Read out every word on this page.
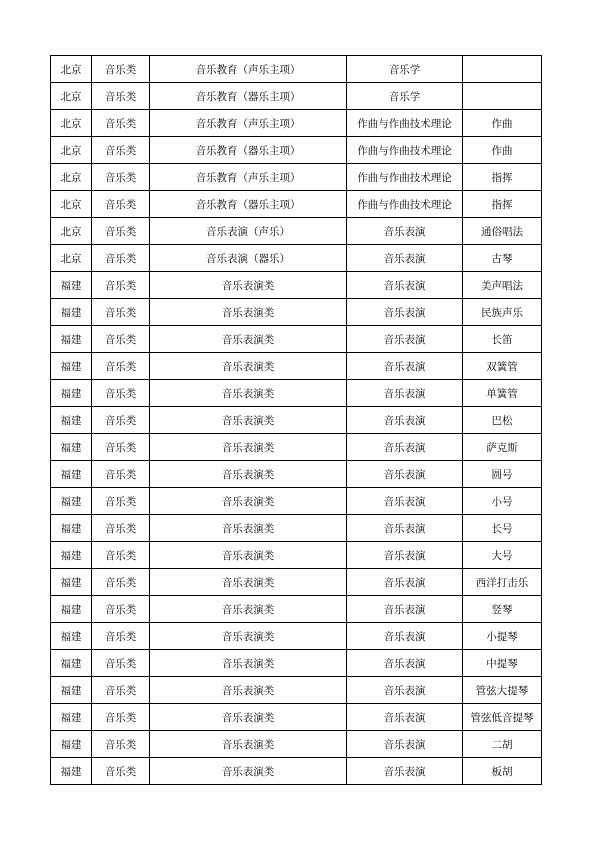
北京	音乐类	音乐教育（声乐主项）	音乐学	
北京	音乐类	音乐教育（器乐主项）	音乐学	
北京	音乐类	音乐教育（声乐主项）	作曲与作曲技术理论	作曲
北京	音乐类	音乐教育（器乐主项）	作曲与作曲技术理论	作曲
北京	音乐类	音乐教育（声乐主项）	作曲与作曲技术理论	指挥
北京	音乐类	音乐教育（器乐主项）	作曲与作曲技术理论	指挥
北京	音乐类	音乐表演（声乐）	音乐表演	通俗唱法
北京	音乐类	音乐表演（器乐）	音乐表演	古琴
福建	音乐类	音乐表演类	音乐表演	美声唱法
福建	音乐类	音乐表演类	音乐表演	民族声乐
福建	音乐类	音乐表演类	音乐表演	长笛
福建	音乐类	音乐表演类	音乐表演	双簧管
福建	音乐类	音乐表演类	音乐表演	单簧管
福建	音乐类	音乐表演类	音乐表演	巴松
福建	音乐类	音乐表演类	音乐表演	萨克斯
福建	音乐类	音乐表演类	音乐表演	圆号
福建	音乐类	音乐表演类	音乐表演	小号
福建	音乐类	音乐表演类	音乐表演	长号
福建	音乐类	音乐表演类	音乐表演	大号
福建	音乐类	音乐表演类	音乐表演	西洋打击乐
福建	音乐类	音乐表演类	音乐表演	竖琴
福建	音乐类	音乐表演类	音乐表演	小提琴
福建	音乐类	音乐表演类	音乐表演	中提琴
福建	音乐类	音乐表演类	音乐表演	管弦大提琴
福建	音乐类	音乐表演类	音乐表演	管弦低音提琴
福建	音乐类	音乐表演类	音乐表演	二胡
福建	音乐类	音乐表演类	音乐表演	板胡
